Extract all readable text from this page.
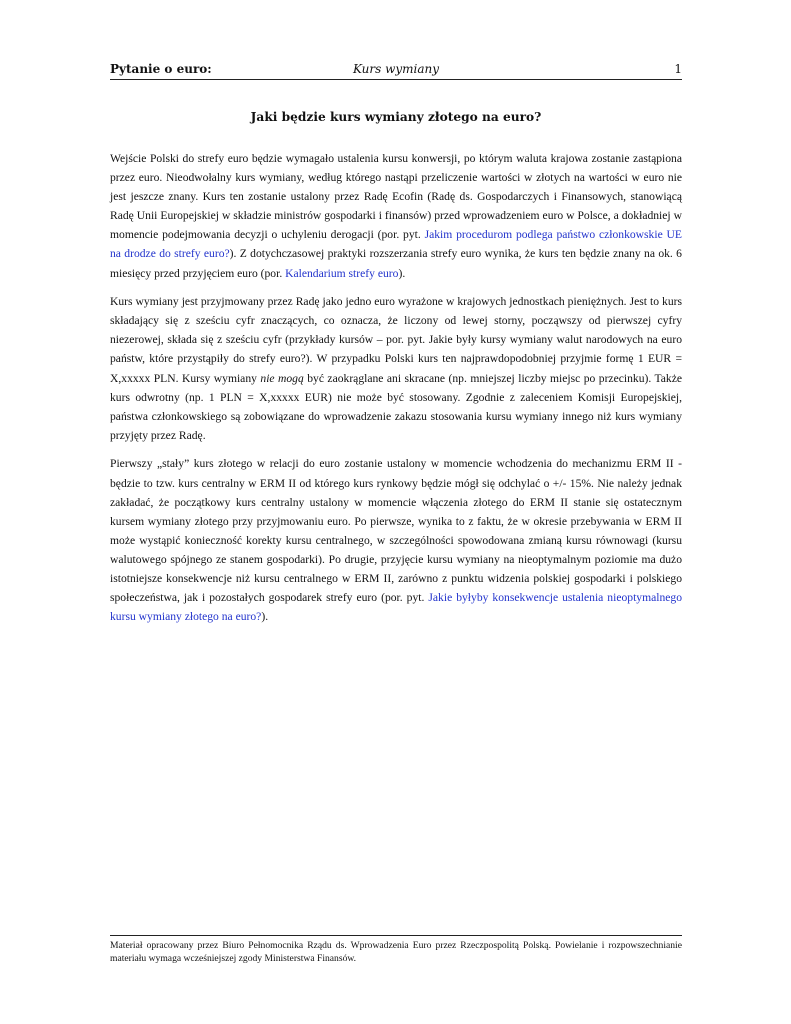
Pytanie o euro:	Kurs wymiany	1
Jaki będzie kurs wymiany złotego na euro?

Wejście Polski do strefy euro będzie wymagało ustalenia kursu konwersji, po którym waluta krajowa zostanie zastąpiona przez euro. Nieodwołalny kurs wymiany, według którego nastąpi przeliczenie wartości w złotych na wartości w euro nie jest jeszcze znany. Kurs ten zostanie ustalony przez Radę Ecofin (Radę ds. Gospodarczych i Finansowych, stanowiącą Radę Unii Europejskiej w składzie ministrów gospodarki i finansów) przed wprowadzeniem euro w Polsce, a dokładniej w momencie podejmowania decyzji o uchyleniu derogacji (por. pyt. Jakim procedurom podlega państwo członkowskie UE na drodze do strefy euro?). Z dotychczasowej praktyki rozszerzania strefy euro wynika, że kurs ten będzie znany na ok. 6 miesięcy przed przyjęciem euro (por. Kalendarium strefy euro).

Kurs wymiany jest przyjmowany przez Radę jako jedno euro wyrażone w krajowych jednostkach pieniężnych. Jest to kurs składający się z sześciu cyfr znaczących, co oznacza, że liczony od lewej storny, począwszy od pierwszej cyfry niezerowej, składa się z sześciu cyfr (przykłady kursów – por. pyt. Jakie były kursy wymiany walut narodowych na euro państw, które przystąpiły do strefy euro?). W przypadku Polski kurs ten najprawdopodobniej przyjmie formę 1 EUR = X,xxxxx PLN. Kursy wymiany nie mogą być zaokrąglane ani skracane (np. mniejszej liczby miejsc po przecinku). Także kurs odwrotny (np. 1 PLN = X,xxxxx EUR) nie może być stosowany. Zgodnie z zaleceniem Komisji Europejskiej, państwa członkowskiego są zobowiązane do wprowadzenie zakazu stosowania kursu wymiany innego niż kurs wymiany przyjęty przez Radę.

Pierwszy „stały” kurs złotego w relacji do euro zostanie ustalony w momencie wchodzenia do mechanizmu ERM II - będzie to tzw. kurs centralny w ERM II od którego kurs rynkowy będzie mógł się odchylać o +/- 15%. Nie należy jednak zakładać, że początkowy kurs centralny ustalony w momencie włączenia złotego do ERM II stanie się ostatecznym kursem wymiany złotego przy przyjmowaniu euro. Po pierwsze, wynika to z faktu, że w okresie przebywania w ERM II może wystąpić konieczność korekty kursu centralnego, w szczególności spowodowana zmianą kursu równowagi (kursu walutowego spójnego ze stanem gospodarki). Po drugie, przyjęcie kursu wymiany na nieoptymalnym poziomie ma dużo istotniejsze konsekwencje niż kursu centralnego w ERM II, zarówno z punktu widzenia polskiej gospodarki i polskiego społeczeństwa, jak i pozostałych gospodarek strefy euro (por. pyt. Jakie byłyby konsekwencje ustalenia nieoptymalnego kursu wymiany złotego na euro?).

Materiał opracowany przez Biuro Pełnomocnika Rządu ds. Wprowadzenia Euro przez Rzeczpospolitą Polską. Powielanie i rozpowszechnianie materiału wymaga wcześniejszej zgody Ministerstwa Finansów.
